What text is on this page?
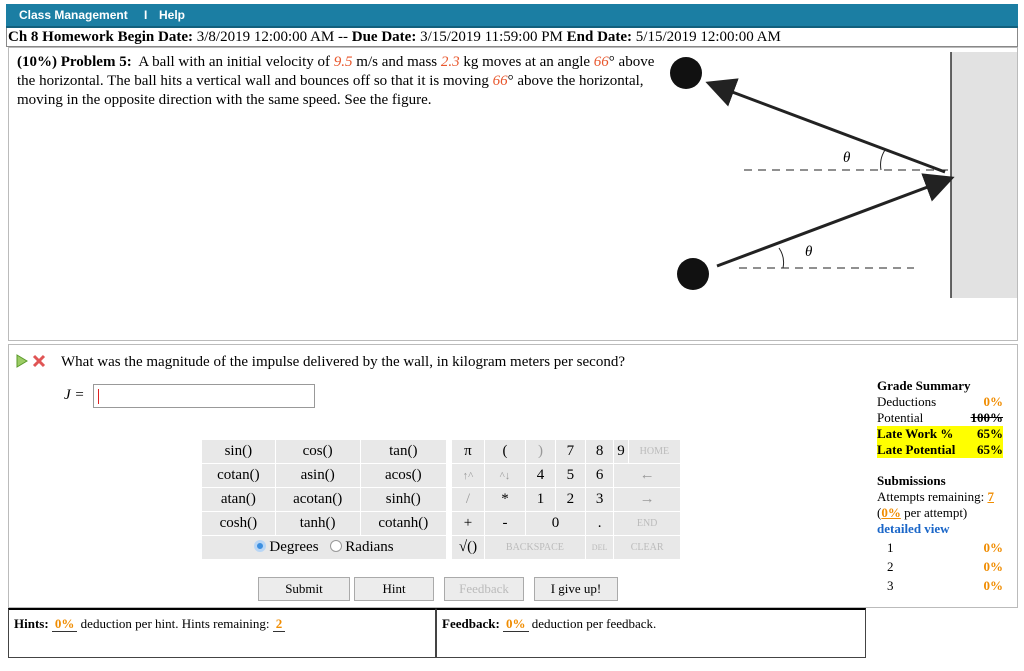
Class Management I Help
Ch 8 Homework Begin Date: 3/8/2019 12:00:00 AM -- Due Date: 3/15/2019 11:59:00 PM End Date: 5/15/2019 12:00:00 AM
(10%) Problem 5: A ball with an initial velocity of 9.5 m/s and mass 2.3 kg moves at an angle 66° above the horizontal. The ball hits a vertical wall and bounces off so that it is moving 66° above the horizontal, moving in the opposite direction with the same speed. See the figure.
θ
θ
What was the magnitude of the impulse delivered by the wall, in kilogram meters per second?
J =
sin()	cos()	tan()
cotan()	asin()	acos()
atan()	acotan()	sinh()
cosh()	tanh()	cotanh()
Degrees Radians		
π	(	)	7	8	9	HOME
↑^	^↓	4	5	6	←	
/	*	1	2	3	→	
+	-	0		.	END	
√()	BACKSPACE			DEL	CLEAR	
Submit	Hint	Feedback	I give up!
Grade Summary
Deductions	0%
Potential	100%
Late Work % 65%
Late Potential 65%
Submissions
Attempts remaining: 7
(0% per attempt)
detailed view
1	0%
2	0%
3	0%
Hints: 0% deduction per hint. Hints remaining: 2	Feedback: 0% deduction per feedback.
